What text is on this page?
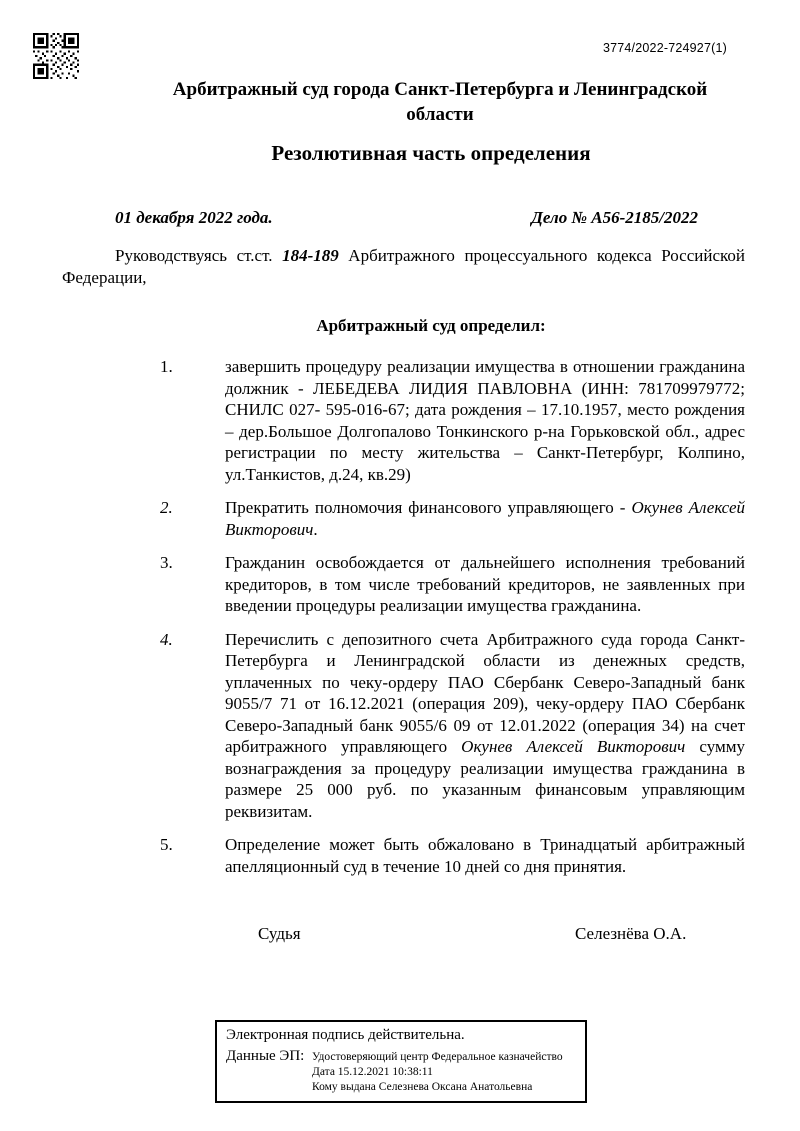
3774/2022-724927(1)
Арбитражный суд города Санкт-Петербурга и Ленинградской области
Резолютивная часть определения
01 декабря 2022 года.	Дело № А56-2185/2022

Руководствуясь ст.ст. 184-189 Арбитражного процессуального кодекса Российской Федерации,

Арбитражный суд определил:
1.	завершить процедуру реализации имущества в отношении гражданина должник - ЛЕБЕДЕВА ЛИДИЯ ПАВЛОВНА (ИНН: 781709979772; СНИЛС 027- 595-016-67; дата рождения – 17.10.1957, место рождения – дер.Большое Долгопалово Тонкинского р-на Горьковской обл., адрес регистрации по месту жительства – Санкт-Петербург, Колпино, ул.Танкистов, д.24, кв.29)
2.	Прекратить полномочия финансового управляющего - Окунев Алексей Викторович.
3.	Гражданин освобождается от дальнейшего исполнения требований кредиторов, в том числе требований кредиторов, не заявленных при введении процедуры реализации имущества гражданина.
4.	Перечислить с депозитного счета Арбитражного суда города Санкт-Петербурга и Ленинградской области из денежных средств, уплаченных по чеку-ордеру ПАО Сбербанк Северо-Западный банк 9055/7 71 от 16.12.2021 (операция 209), чеку-ордеру ПАО Сбербанк Северо-Западный банк 9055/6 09 от 12.01.2022 (операция 34) на счет арбитражного управляющего Окунев Алексей Викторович сумму вознаграждения за процедуру реализации имущества гражданина в размере 25 000 руб. по указанным финансовым управляющим реквизитам.
5.	Определение может быть обжаловано в Тринадцатый арбитражный апелляционный суд в течение 10 дней со дня принятия.
Судья	Селезнёва О.А.
Электронная подпись действительна.
Данные ЭП: Удостоверяющий центр Федеральное казначейство
Дата 15.12.2021 10:38:11
Кому выдана Селезнева Оксана Анатольевна
